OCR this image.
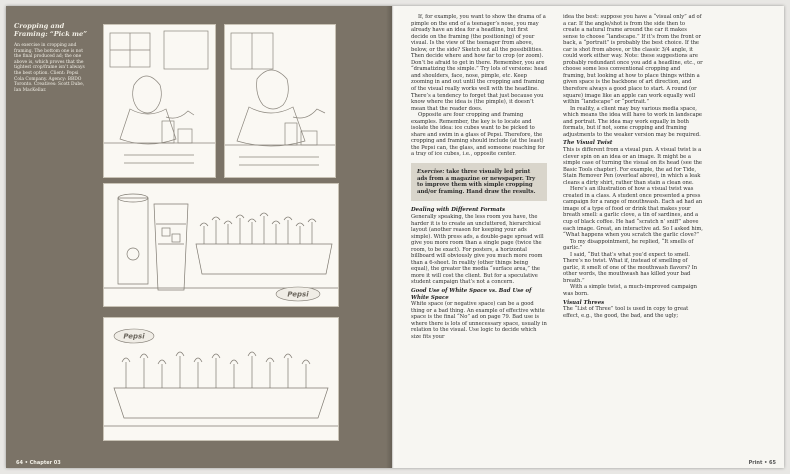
Cropping and Framing: “Pick me”

An exercise in cropping and framing. The bottom one is not the final produced ad; the one above is, which proves that the tightest crop/frame isn’t always the best option. Client: Pepsi Cola Company. Agency: BBDO Toronto. Creatives: Scott Dube, Ian MacKellar.

Pepsi
Pepsi
64 • Chapter 03	Print • 65

If, for example, you want to show the drama of a pimple on the end of a teenager’s nose, you may already have an idea for a headline, but first decide on the framing (the positioning) of your visual. Is the view of the teenager from above, below, or the side? Sketch out all the possibilities. Then decide where and how far to crop (or zoom). Don’t be afraid to get in there. Remember, you are “dramatizing the simple.” Try lots of versions: head and shoulders, face, nose, pimple, etc. Keep zooming in and out until the cropping and framing of the visual really works well with the headline. There’s a tendency to forget that just because you know where the idea is (the pimple), it doesn’t mean that the reader does.

Opposite are four cropping and framing examples. Remember, the key is to locate and isolate the idea: ice cubes want to be picked to share and swim in a glass of Pepsi. Therefore, the cropping and framing should include (at the least) the Pepsi can, the glass, and someone reaching for a tray of ice cubes, i.e., opposite center.

Exercise: take three visually led print ads from a magazine or newspaper. Try to improve them with simple cropping and/or framing. Hand draw the results.
Dealing with Different Formats

Generally speaking, the less room you have, the harder it is to create an uncluttered, hierarchical layout (another reason for keeping your ads simple). With press ads, a double-page spread will give you more room than a single page (twice the room, to be exact). For posters, a horizontal billboard will obviously give you much more room than a 6-sheet. In reality (other things being equal), the greater the media “surface area,” the more it will cost the client. But for a speculative student campaign that’s not a concern.

Good Use of White Space vs. Bad Use of White Space

White space (or negative space) can be a good thing or a bad thing. An example of effective white space is the final “No” ad on page 79. Bad use is where there is lots of unnecessary space, usually in relation to the visual. Use logic to decide which size fits your

idea the best: suppose you have a “visual only” ad of a car. If the angle/shot is from the side then to create a natural frame around the car it makes sense to choose “landscape.” If it’s from the front or back, a “portrait” is probably the best choice. If the car is shot from above, or the classic 3/4 angle, it could work either way. Note: these suggestions are probably redundant once you add a headline, etc., or choose some less conventional cropping and framing, but looking at how to place things within a given space is the backbone of art direction, and therefore always a good place to start. A round (or square) image like an apple can work equally well within “landscape” or “portrait.”

In reality, a client may buy various media space, which means the idea will have to work in landscape and portrait. The idea may work equally in both formats, but if not, some cropping and framing adjustments to the weaker version may be required.

The Visual Twist

This is different from a visual pun. A visual twist is a clever spin on an idea or an image. It might be a simple case of turning the visual on its head (see the Basic Tools chapter). For example, the ad for Tide, Stain Remover Pen (overleaf above), in which a leak cleans a dirty shirt, rather than stain a clean one.

Here’s an illustration of how a visual twist was created in a class. A student once presented a press campaign for a range of mouthwash. Each ad had an image of a type of food or drink that makes your breath smell: a garlic clove, a tin of sardines, and a cup of black coffee. He had “scratch n’ sniff” above each image. Great, an interactive ad. So I asked him, “What happens when you scratch the garlic clove?”

To my disappointment, he replied, “It smells of garlic.”

I said, “But that’s what you’d expect to smell. There’s no twist. What if, instead of smelling of garlic, it smelt of one of the mouthwash flavors? In other words, the mouthwash has killed your bad breath.”

With a simple twist, a much-improved campaign was born.

Visual Threes

The “List of Three” tool is used in copy to great effect, e.g., the good, the bad, and the ugly;
